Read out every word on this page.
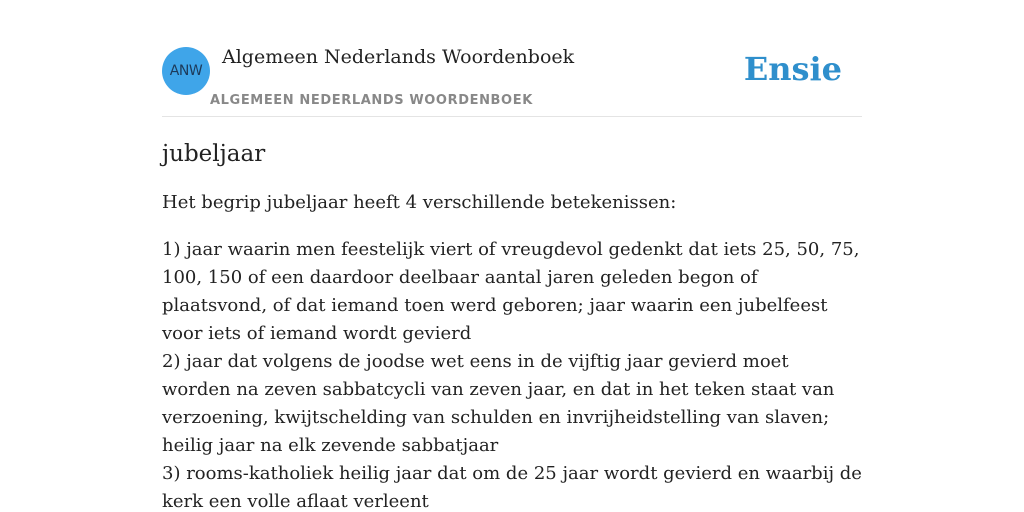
ANW
Algemeen Nederlands Woordenboek
ALGEMEEN NEDERLANDS WOORDENBOEK
Ensie
jubeljaar

Het begrip jubeljaar heeft 4 verschillende betekenissen:

1) jaar waarin men feestelijk viert of vreugdevol gedenkt dat iets 25, 50, 75, 100, 150 of een daardoor deelbaar aantal jaren geleden begon of plaatsvond, of dat iemand toen werd geboren; jaar waarin een jubelfeest voor iets of iemand wordt gevierd
2) jaar dat volgens de joodse wet eens in de vijftig jaar gevierd moet worden na zeven sabbatcycli van zeven jaar, en dat in het teken staat van verzoening, kwijtschelding van schulden en invrijheidstelling van slaven; heilig jaar na elk zevende sabbatjaar
3) rooms-katholiek heilig jaar dat om de 25 jaar wordt gevierd en waarbij de kerk een volle aflaat verleent
